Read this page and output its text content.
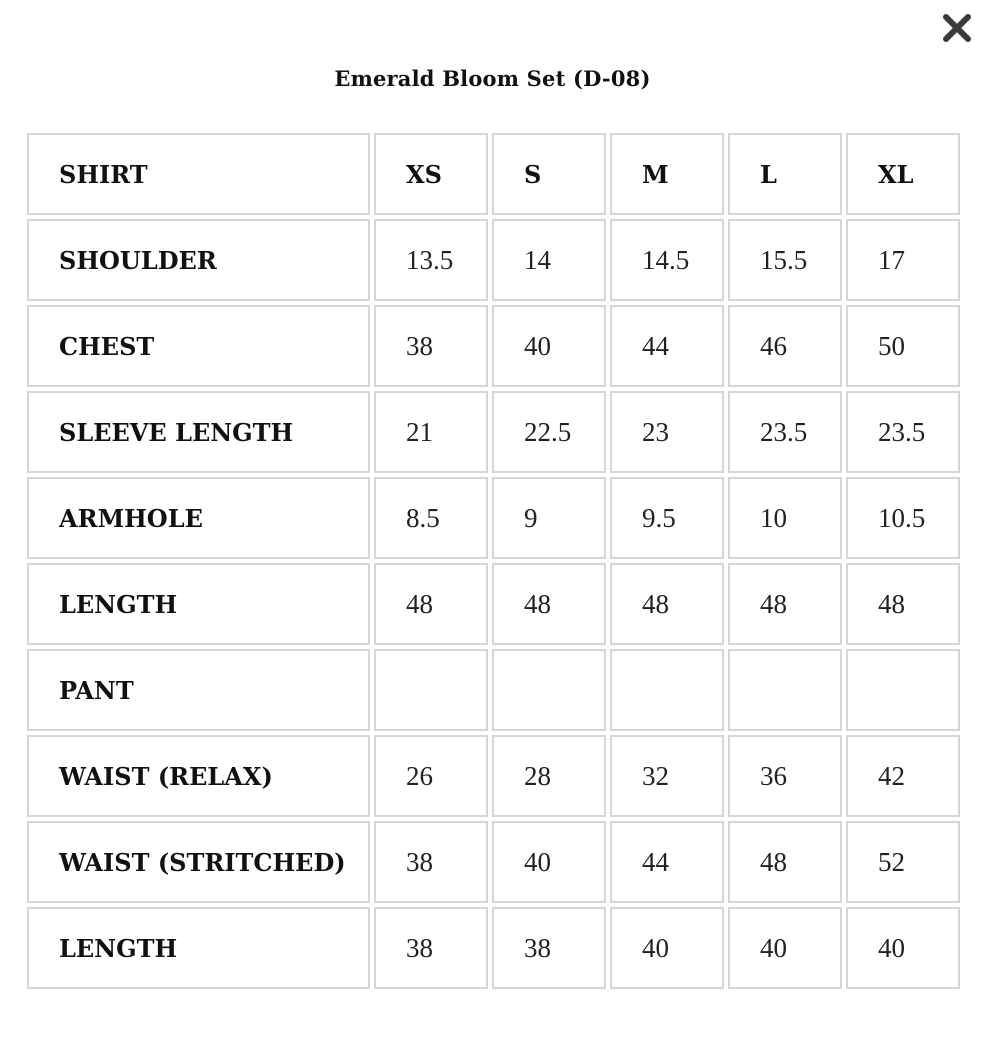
Emerald Bloom Set (D-08)
SHIRT	XS	S	M	L	XL
SHOULDER	13.5	14	14.5	15.5	17
CHEST	38	40	44	46	50
SLEEVE LENGTH	21	22.5	23	23.5	23.5
ARMHOLE	8.5	9	9.5	10	10.5
LENGTH	48	48	48	48	48
PANT					
WAIST (RELAX)	26	28	32	36	42
WAIST (STRITCHED)	38	40	44	48	52
LENGTH	38	38	40	40	40
